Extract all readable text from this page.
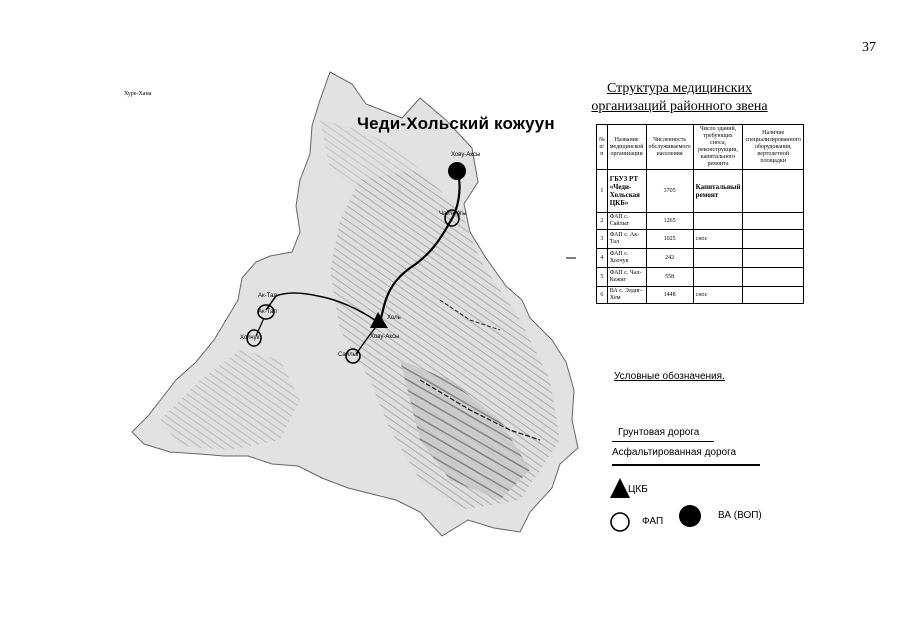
37
Хуре-Хана
Чеди-Хольский кожуун
Хову-Аксы
Чайтыргы
Ак-Тал
Ак-Тал
Холь
Хову-Аксы
Холчук
Сайлыг
Структура медицинских
организаций районного звена
№ п/п	Название медицинской организации	Численность обслуживаемого населения	Число зданий, требующих сноса, реконструкции, капитального ремонта	Наличие специализированного оборудования, вертолетной площадки
1	ГБУЗ РТ «Чеди-Хольская ЦКБ»	3705	Капитальный ремонт	
2	ФАП с. Сайлыг	1265		
3	ФАП с. Ак-Тал	1025	снос	
4	ФАП с. Холчук	242		
5	ФАП с. Чал-Кежиг	558		
6	ВА с. Элдиг-Хем	1448	снос	
Условные обозначения.
Грунтовая дорога
Асфальтированная дорога
ЦКБ
ФАП
ВА (ВОП)
